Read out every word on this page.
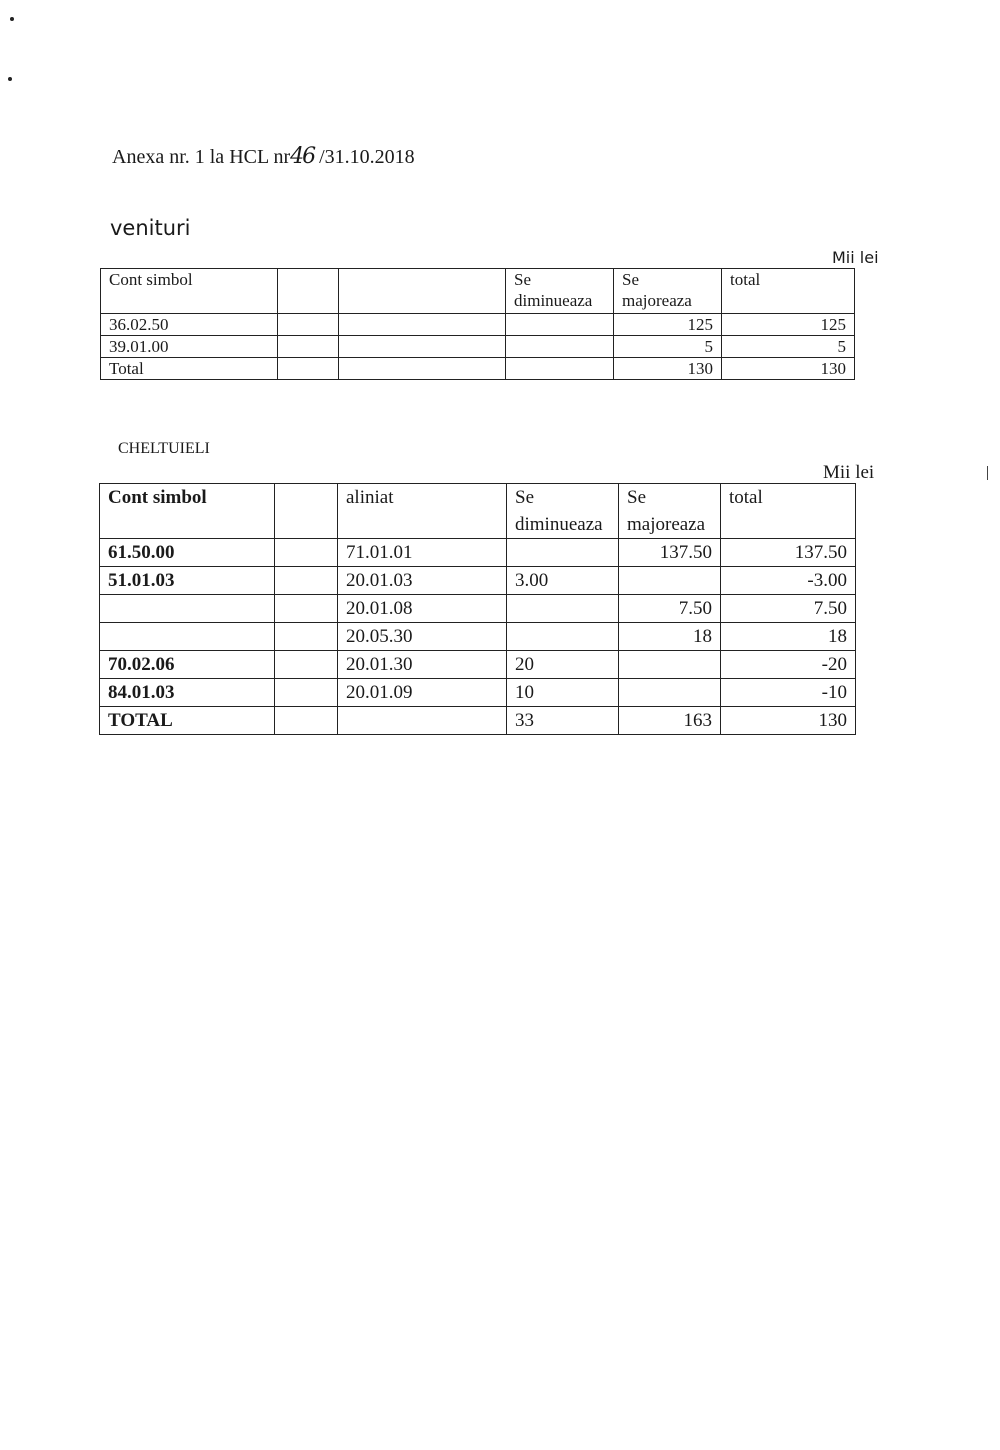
Anexa nr. 1 la HCL nr46 /31.10.2018
venituri
Mii lei
Cont simbol			Se diminueaza	Se majoreaza	total
36.02.50				125	125
39.01.00				5	5
Total				130	130
CHELTUIELI
Mii lei
Cont simbol		aliniat	Se diminueaza	Se majoreaza	total
61.50.00		71.01.01		137.50	137.50
51.01.03		20.01.03	3.00		-3.00
		20.01.08		7.50	7.50
		20.05.30		18	18
70.02.06		20.01.30	20		-20
84.01.03		20.01.09	10		-10
TOTAL			33	163	130
